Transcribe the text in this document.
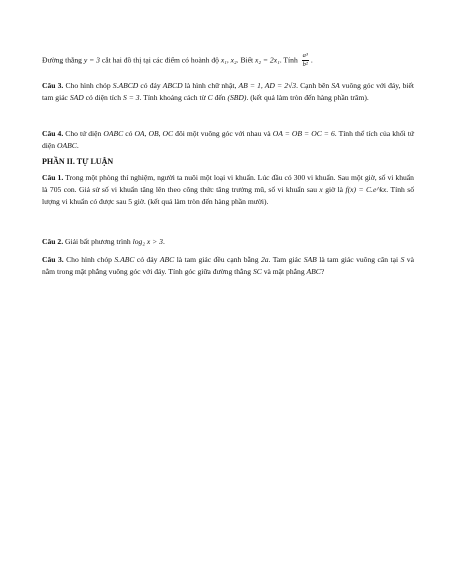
Đường thẳng y = 3 cắt hai đồ thị tại các điểm có hoành độ x₁, x₂. Biết x₂ = 2x₁. Tính $\frac{\text{a³}}{\text{b²}}$ .
Câu 3. Cho hình chóp S.ABCD có đáy ABCD là hình chữ nhật, AB = 1, AD = 2√3. Cạnh bên SA vuông góc với đáy, biết tam giác SAD có diện tích S = 3. Tính khoảng cách từ C đến (SBD). (kết quả làm tròn đến hàng phần trăm).
Câu 4. Cho tứ diện OABC có OA, OB, OC đôi một vuông góc với nhau và OA = OB = OC = 6. Tính thể tích của khối tứ diện OABC.
PHẦN II. TỰ LUẬN
Câu 1. Trong một phòng thí nghiệm, người ta nuôi một loại vi khuẩn. Lúc đầu có 300 vi khuẩn. Sau một giờ, số vi khuẩn là 705 con. Giả sử số vi khuẩn tăng lên theo công thức tăng trưởng mũ, số vi khuẩn sau x giờ là f(x) = C.e^kx. Tính số lượng vi khuẩn có được sau 5 giờ. (kết quả làm tròn đến hàng phần mười).
Câu 2. Giải bất phương trình log₂ x > 3.
Câu 3. Cho hình chóp S.ABC có đáy ABC là tam giác đều cạnh bằng 2a. Tam giác SAB là tam giác vuông cân tại S và nằm trong mặt phẳng vuông góc với đáy. Tính góc giữa đường thẳng SC và mặt phẳng ABC?
